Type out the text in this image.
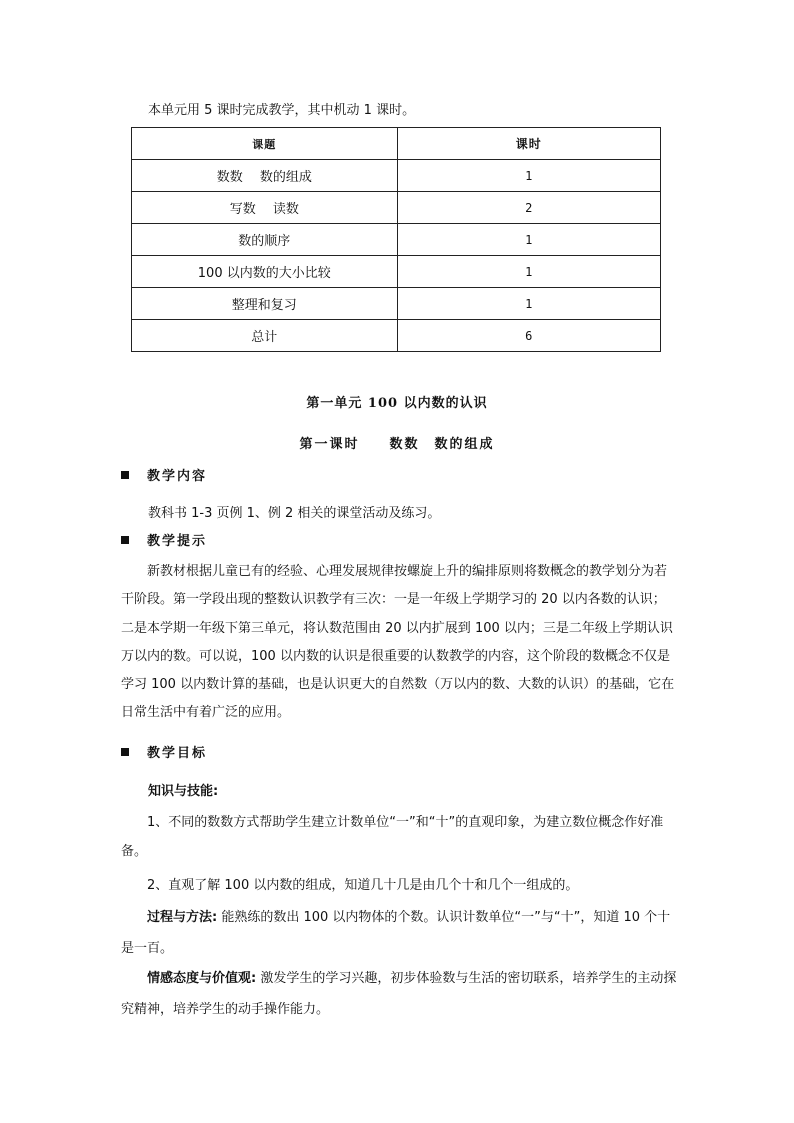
本单元用 5 课时完成教学，其中机动 1 课时。
课题	课时
数数　 数的组成	1
写数　 读数	2
数的顺序	1
100 以内数的大小比较	1
整理和复习	1
总计	6
第一单元 100 以内数的认识
第一课时　　数数　数的组成
教学内容
教科书 1-3 页例 1、例 2 相关的课堂活动及练习。
教学提示
新教材根据儿童已有的经验、心理发展规律按螺旋上升的编排原则将数概念的教学划分为若干阶段。第一学段出现的整数认识教学有三次：一是一年级上学期学习的 20 以内各数的认识；二是本学期一年级下第三单元，将认数范围由 20 以内扩展到 100 以内；三是二年级上学期认识万以内的数。可以说，100 以内数的认识是很重要的认数教学的内容，这个阶段的数概念不仅是学习 100 以内数计算的基础，也是认识更大的自然数（万以内的数、大数的认识）的基础，它在日常生活中有着广泛的应用。
教学目标
知识与技能:
1、不同的数数方式帮助学生建立计数单位“一”和“十”的直观印象，为建立数位概念作好准备。
2、直观了解 100 以内数的组成，知道几十几是由几个十和几个一组成的。
过程与方法: 能熟练的数出 100 以内物体的个数。认识计数单位“一”与“十”，知道 10 个十是一百。
情感态度与价值观: 激发学生的学习兴趣，初步体验数与生活的密切联系，培养学生的主动探究精神，培养学生的动手操作能力。
